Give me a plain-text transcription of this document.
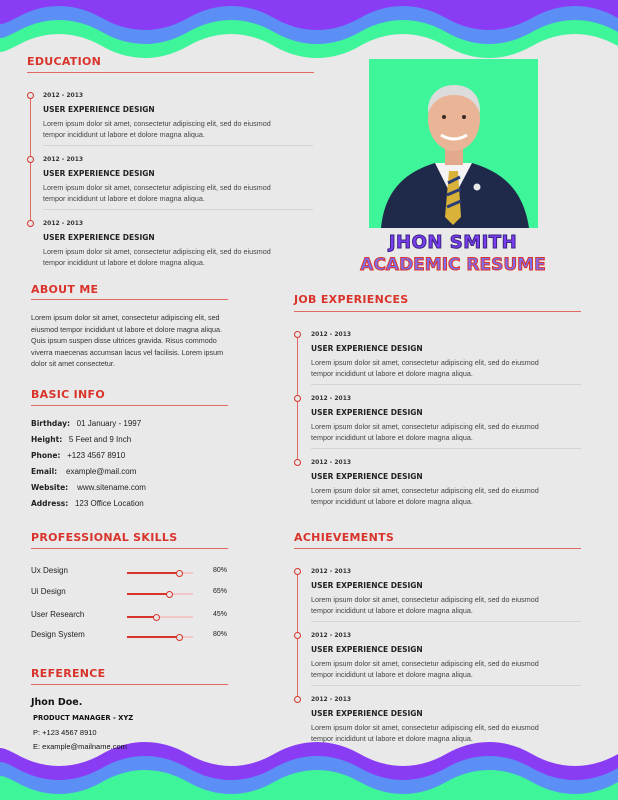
EDUCATION
2012 - 2013
USER EXPERIENCE DESIGN
Lorem ipsum dolor sit amet, consectetur adipiscing elit, sed do eiusmod
tempor incididunt ut labore et dolore magna aliqua.
2012 - 2013
USER EXPERIENCE DESIGN
Lorem ipsum dolor sit amet, consectetur adipiscing elit, sed do eiusmod
tempor incididunt ut labore et dolore magna aliqua.
2012 - 2013
USER EXPERIENCE DESIGN
Lorem ipsum dolor sit amet, consectetur adipiscing elit, sed do eiusmod
tempor incididunt ut labore et dolore magna aliqua.
JHON SMITH
ACADEMIC RESUME
ABOUT ME
Lorem ipsum dolor sit amet, consectetur adipiscing elit, sed eiusmod tempor incididunt ut labore et dolore magna aliqua. Quis ipsum suspen disse ultrices gravida. Risus commodo viverra maecenas accumsan lacus vel facilisis. Lorem ipsum dolor sit amet consectetur.
BASIC INFO
Birthday: 01 January - 1997
Height: 5 Feet and 9 Inch
Phone: +123 4567 8910
Email: example@mail.com
Website: www.sitename.com
Address: 123 Office Location
PROFESSIONAL SKILLS
Ux Design	80%
Ui Design	65%
User Research	45%
Design System	80%
REFERENCE
Jhon Doe.
PRODUCT MANAGER - XYZ
P: +123 4567 8910
E: example@mailname.com
JOB EXPERIENCES
2012 - 2013
USER EXPERIENCE DESIGN
Lorem ipsum dolor sit amet, consectetur adipiscing elit, sed do eiusmod
tempor incididunt ut labore et dolore magna aliqua.
2012 - 2013
USER EXPERIENCE DESIGN
Lorem ipsum dolor sit amet, consectetur adipiscing elit, sed do eiusmod
tempor incididunt ut labore et dolore magna aliqua.
2012 - 2013
USER EXPERIENCE DESIGN
Lorem ipsum dolor sit amet, consectetur adipiscing elit, sed do eiusmod
tempor incididunt ut labore et dolore magna aliqua.
ACHIEVEMENTS
2012 - 2013
USER EXPERIENCE DESIGN
Lorem ipsum dolor sit amet, consectetur adipiscing elit, sed do eiusmod
tempor incididunt ut labore et dolore magna aliqua.
2012 - 2013
USER EXPERIENCE DESIGN
Lorem ipsum dolor sit amet, consectetur adipiscing elit, sed do eiusmod
tempor incididunt ut labore et dolore magna aliqua.
2012 - 2013
USER EXPERIENCE DESIGN
Lorem ipsum dolor sit amet, consectetur adipiscing elit, sed do eiusmod
tempor incididunt ut labore et dolore magna aliqua.
